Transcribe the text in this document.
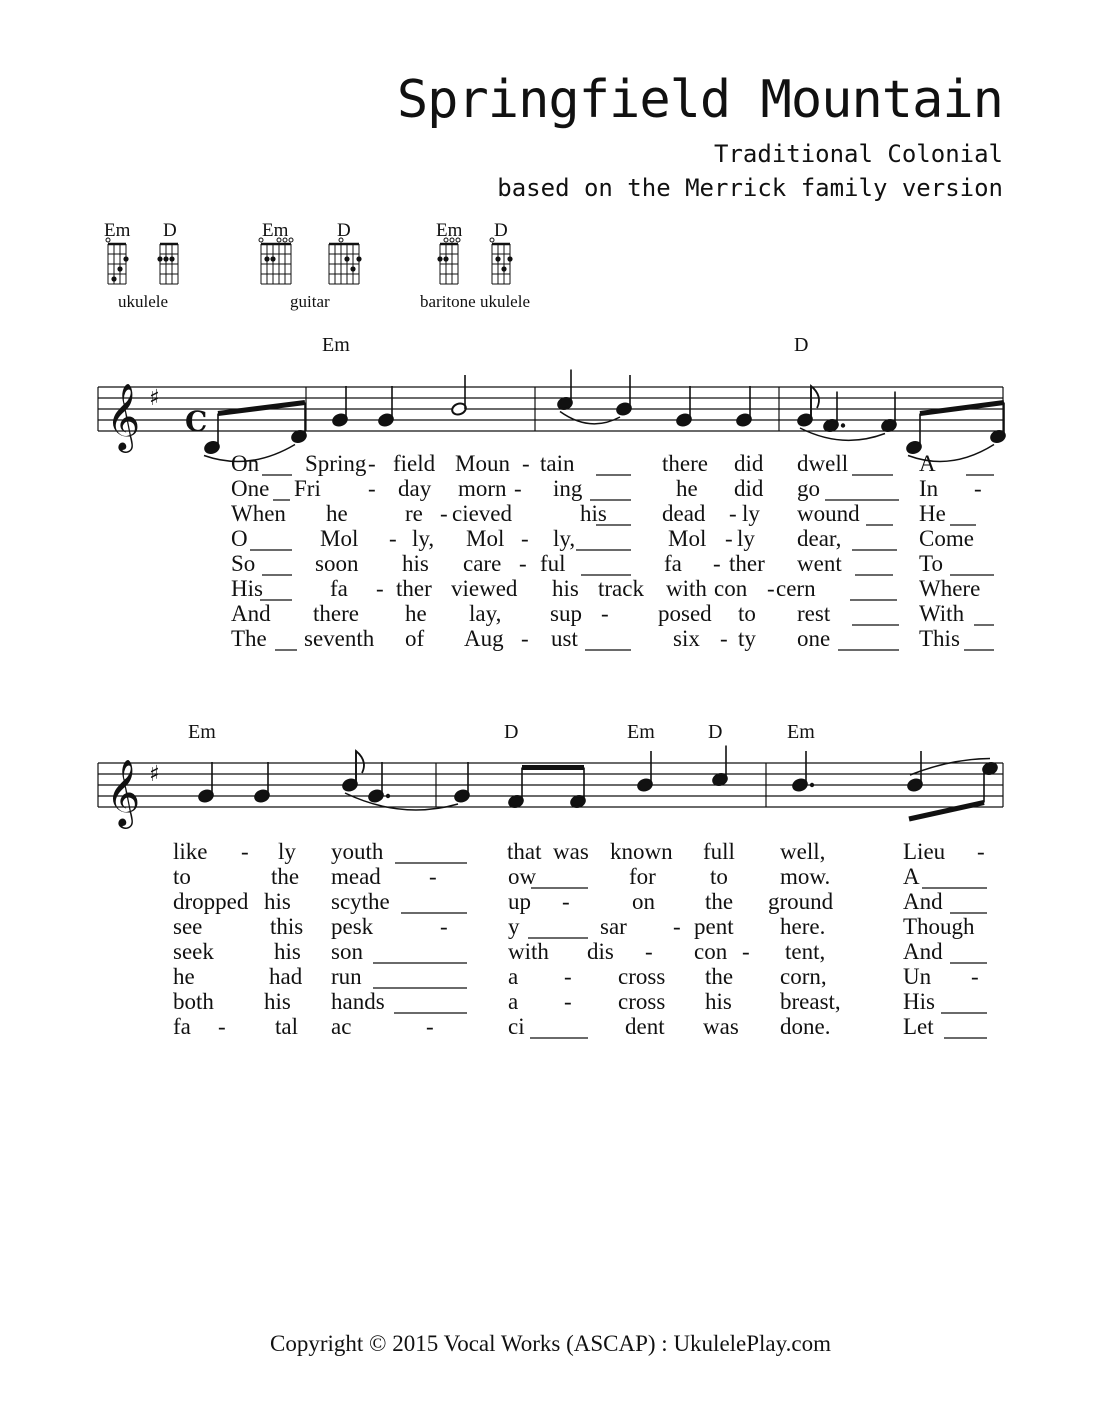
Springfield Mountain
Traditional Colonial
based on the Merrick family version
Em D	Em	D	Em D
ukulele	guitar	baritone ukulele
Em	D
Em	D	Em	D	Em
𝄞
𝄞
♯
♯
C
On Spring - field Moun - tain	there did dwell	A
One Fri - day morn - ing	he did go	In -
When he re - cieved	his dead - ly wound	He
O	Mol - ly, Mol - ly,	Mol - ly dear,	Come
So	soon his care - ful	fa - ther went	To
His	fa - ther viewed his track with con - cern	Where
And there he lay, sup - posed to rest	With
The seventh of Aug - ust	six - ty one	This
like - ly youth	that was known full well,	Lieu -
to	the mead -	ow	for to mow.	A
dropped his scythe	up -	on the ground	And
see	this pesk	-	y	sar - pent here.	Though
seek	his son	with dis - con - tent,	And
he	had run	a - cross the corn,	Un -
both his hands	a - cross his breast,	His
fa - tal ac	-	ci	dent was done.	Let
Copyright © 2015 Vocal Works (ASCAP) : UkulelePlay.com
